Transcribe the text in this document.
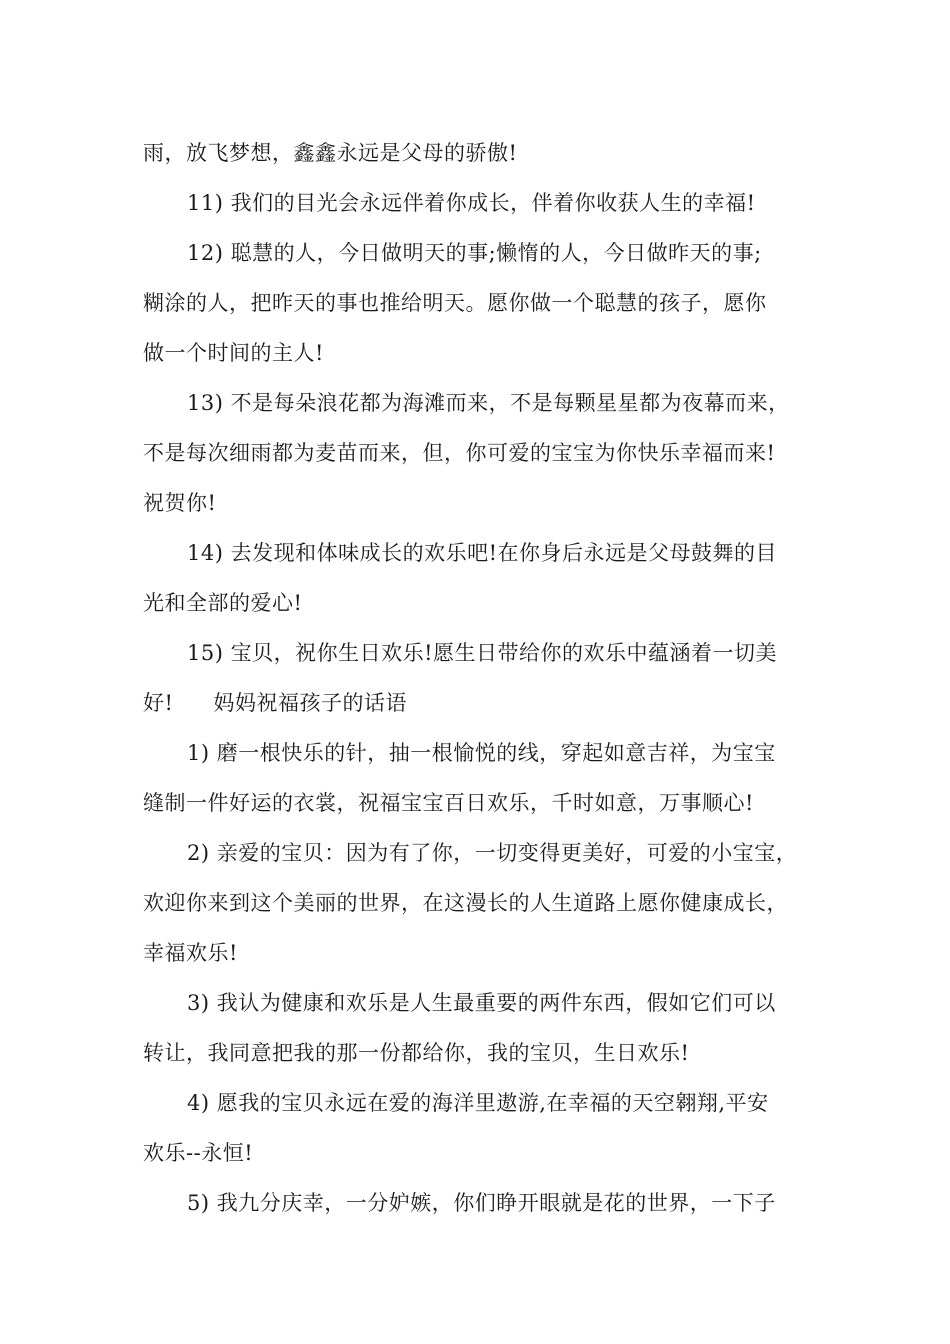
雨，放飞梦想，鑫鑫永远是父母的骄傲!
11) 我们的目光会永远伴着你成长，伴着你收获人生的幸福!
12) 聪慧的人，今日做明天的事;懒惰的人，今日做昨天的事;
糊涂的人，把昨天的事也推给明天。愿你做一个聪慧的孩子，愿你
做一个时间的主人!
13) 不是每朵浪花都为海滩而来，不是每颗星星都为夜幕而来，
不是每次细雨都为麦苗而来，但，你可爱的宝宝为你快乐幸福而来!
祝贺你!
14) 去发现和体味成长的欢乐吧!在你身后永远是父母鼓舞的目
光和全部的爱心!
15) 宝贝，祝你生日欢乐!愿生日带给你的欢乐中蕴涵着一切美
好! 妈妈祝福孩子的话语
1) 磨一根快乐的针，抽一根愉悦的线，穿起如意吉祥，为宝宝
缝制一件好运的衣裳，祝福宝宝百日欢乐，千时如意，万事顺心!
2) 亲爱的宝贝：因为有了你，一切变得更美好，可爱的小宝宝，
欢迎你来到这个美丽的世界，在这漫长的人生道路上愿你健康成长，
幸福欢乐!
3) 我认为健康和欢乐是人生最重要的两件东西，假如它们可以
转让，我同意把我的那一份都给你，我的宝贝，生日欢乐!
4) 愿我的宝贝永远在爱的海洋里遨游,在幸福的天空翱翔,平安
欢乐--永恒!
5) 我九分庆幸，一分妒嫉，你们睁开眼就是花的世界，一下子
